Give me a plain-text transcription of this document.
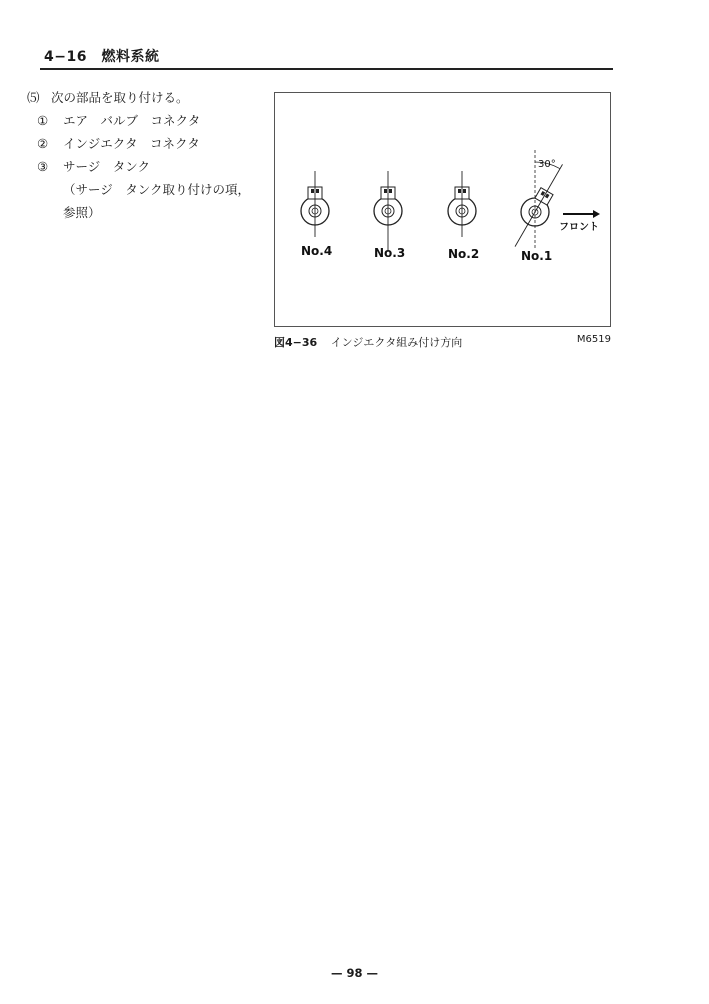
4−16　燃料系統
⑸ 次の部品を取り付ける。
①	エア　バルブ　コネクタ
②	インジエクタ　コネクタ
③	サージ　タンク
（サージ　タンク取り付けの項，
参照）
No.4	No.3	No.2
30°
No.1
フロント
図4−36 インジエクタ組み付け方向	M6519
— 98 —
